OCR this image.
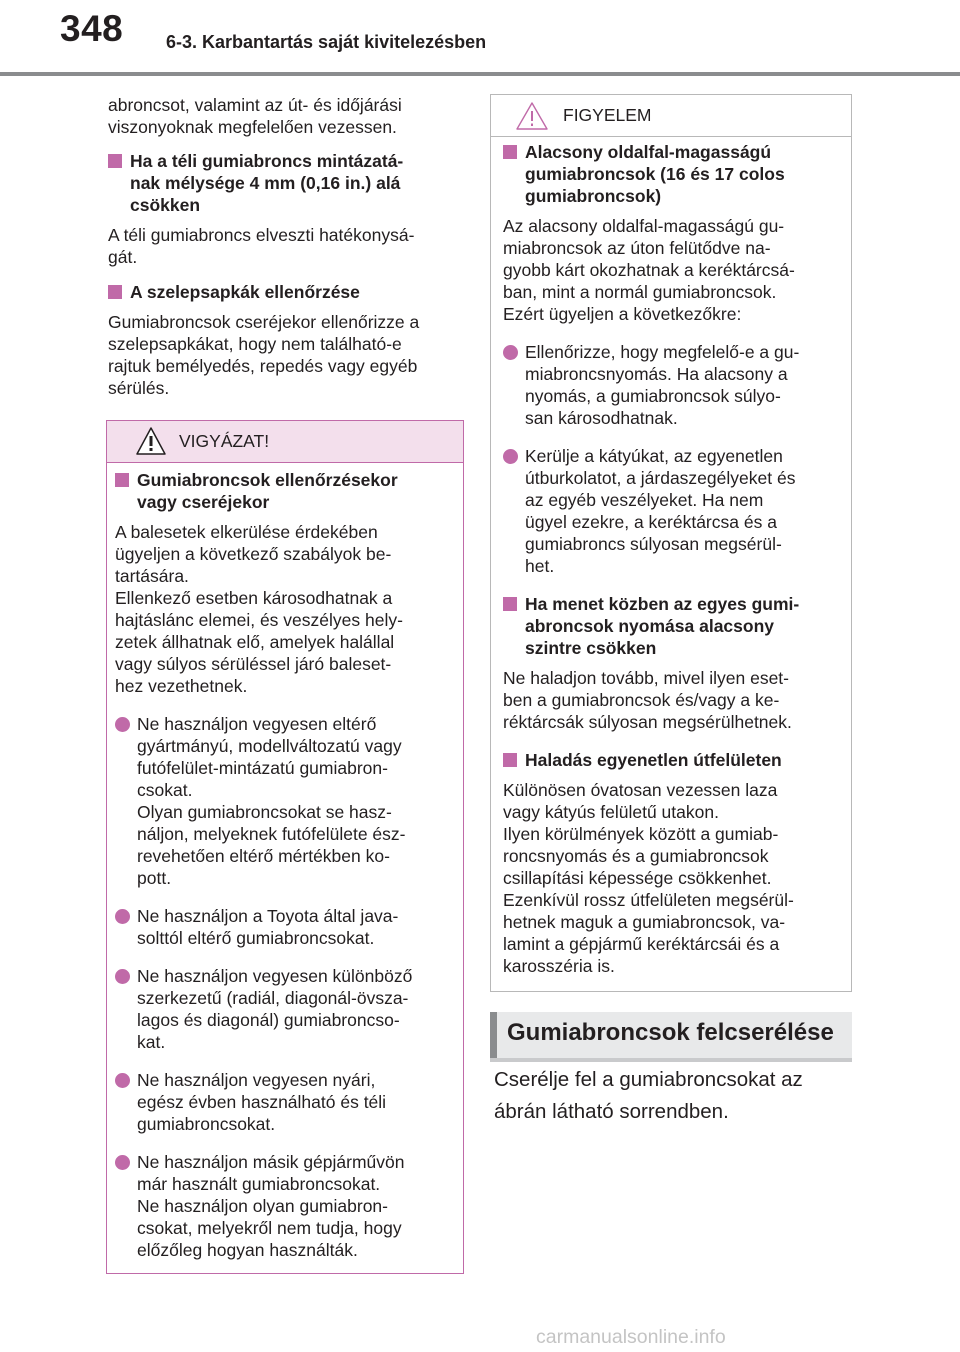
348 6-3. Karbantartás saját kivitelezésben

abroncsot, valamint az út- és időjárási
viszonyoknak megfelelően vezessen.

Ha a téli gumiabroncs mintázatá-
nak mélysége 4 mm (0,16 in.) alá
csökken

A téli gumiabroncs elveszti hatékonysá-
gát.

A szelepsapkák ellenőrzése

Gumiabroncsok cseréjekor ellenőrizze a
szelepsapkákat, hogy nem található-e
rajtuk bemélyedés, repedés vagy egyéb
sérülés.

VIGYÁZAT!

Gumiabroncsok ellenőrzésekor
vagy cseréjekor

A balesetek elkerülése érdekében
ügyeljen a következő szabályok be-
tartására.
Ellenkező esetben károsodhatnak a
hajtáslánc elemei, és veszélyes hely-
zetek állhatnak elő, amelyek halállal
vagy súlyos sérüléssel járó baleset-
hez vezethetnek.

Ne használjon vegyesen eltérő
gyártmányú, modellváltozatú vagy
futófelület-mintázatú gumiabron-
csokat.
Olyan gumiabroncsokat se hasz-
náljon, melyeknek futófelülete ész-
revehetően eltérő mértékben ko-
pott.

Ne használjon a Toyota által java-
solttól eltérő gumiabroncsokat.

Ne használjon vegyesen különböző
szerkezetű (radiál, diagonál-övsza-
lagos és diagonál) gumiabroncso-
kat.

Ne használjon vegyesen nyári,
egész évben használható és téli
gumiabroncsokat.

Ne használjon másik gépjárművön
már használt gumiabroncsokat.
Ne használjon olyan gumiabron-
csokat, melyekről nem tudja, hogy
előzőleg hogyan használták.

FIGYELEM

Alacsony oldalfal-magasságú
gumiabroncsok (16 és 17 colos
gumiabroncsok)

Az alacsony oldalfal-magasságú gu-
miabroncsok az úton felütődve na-
gyobb kárt okozhatnak a keréktárcsá-
ban, mint a normál gumiabroncsok.
Ezért ügyeljen a következőkre:

Ellenőrizze, hogy megfelelő-e a gu-
miabroncsnyomás. Ha alacsony a
nyomás, a gumiabroncsok súlyo-
san károsodhatnak.

Kerülje a kátyúkat, az egyenetlen
útburkolatot, a járdaszegélyeket és
az egyéb veszélyeket. Ha nem
ügyel ezekre, a keréktárcsa és a
gumiabroncs súlyosan megsérül-
het.

Ha menet közben az egyes gumi-
abroncsok nyomása alacsony
szintre csökken

Ne haladjon tovább, mivel ilyen eset-
ben a gumiabroncsok és/vagy a ke-
réktárcsák súlyosan megsérülhetnek.

Haladás egyenetlen útfelületen

Különösen óvatosan vezessen laza
vagy kátyús felületű utakon.
Ilyen körülmények között a gumiab-
roncsnyomás és a gumiabroncsok
csillapítási képessége csökkenhet.
Ezenkívül rossz útfelületen megsérül-
hetnek maguk a gumiabroncsok, va-
lamint a gépjármű keréktárcsái és a
karosszéria is.

Gumiabroncsok felcserélése
Cserélje fel a gumiabroncsokat az
ábrán látható sorrendben.
carmanualsonline.info
